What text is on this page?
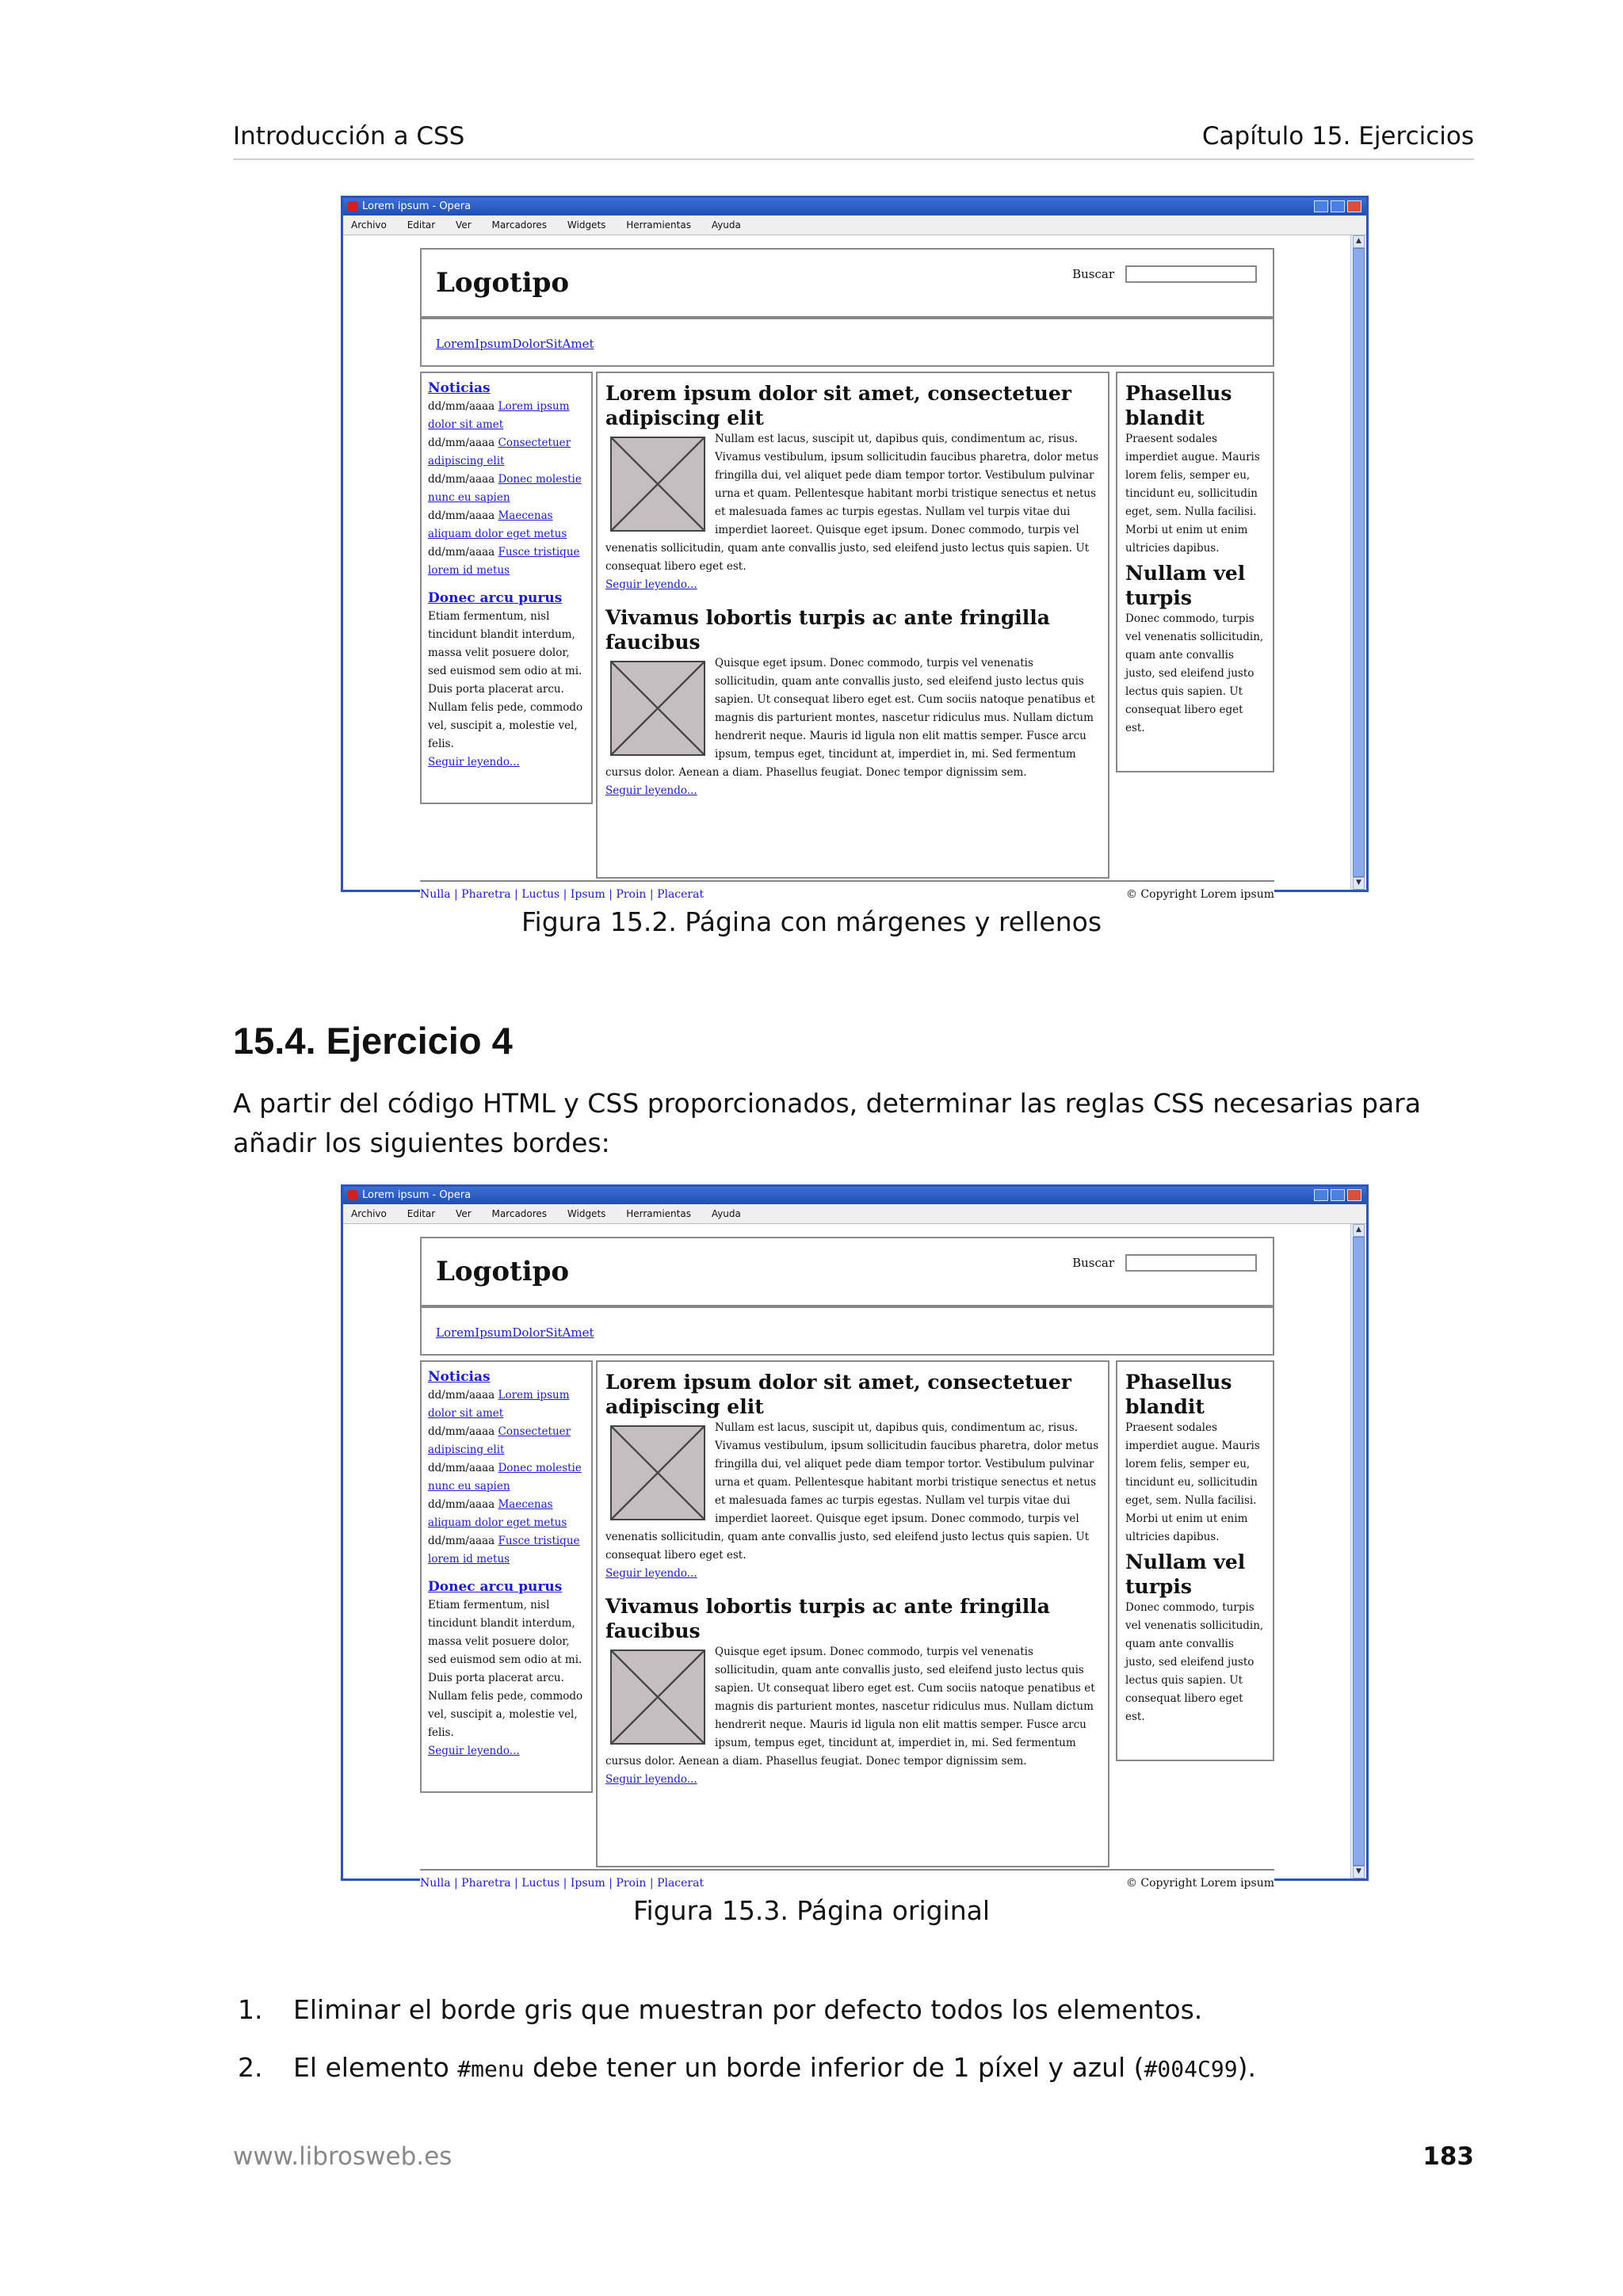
Introducción a CSS	Capítulo 15. Ejercicios
Lorem ipsum - Opera
Archivo Editar Ver Marcadores Widgets Herramientas Ayuda
Logotipo	Buscar
LoremIpsumDolorSitAmet
Noticias
dd/mm/aaaa Lorem ipsum dolor sit amet
dd/mm/aaaa Consectetuer adipiscing elit
dd/mm/aaaa Donec molestie nunc eu sapien
dd/mm/aaaa Maecenas aliquam dolor eget metus
dd/mm/aaaa Fusce tristique lorem id metus
Donec arcu purus
Etiam fermentum, nisl tincidunt blandit interdum, massa velit posuere dolor, sed euismod sem odio at mi. Duis porta placerat arcu. Nullam felis pede, commodo vel, suscipit a, molestie vel, felis.
Seguir leyendo...
Lorem ipsum dolor sit amet, consectetuer adipiscing elit
Nullam est lacus, suscipit ut, dapibus quis, condimentum ac, risus. Vivamus vestibulum, ipsum sollicitudin faucibus pharetra, dolor metus fringilla dui, vel aliquet pede diam tempor tortor. Vestibulum pulvinar urna et quam. Pellentesque habitant morbi tristique senectus et netus et malesuada fames ac turpis egestas. Nullam vel turpis vitae dui imperdiet laoreet. Quisque eget ipsum. Donec commodo, turpis vel venenatis sollicitudin, quam ante convallis justo, sed eleifend justo lectus quis sapien. Ut consequat libero eget est.
Seguir leyendo...
Vivamus lobortis turpis ac ante fringilla faucibus
Quisque eget ipsum. Donec commodo, turpis vel venenatis sollicitudin, quam ante convallis justo, sed eleifend justo lectus quis sapien. Ut consequat libero eget est. Cum sociis natoque penatibus et magnis dis parturient montes, nascetur ridiculus mus. Nullam dictum hendrerit neque. Mauris id ligula non elit mattis semper. Fusce arcu ipsum, tempus eget, tincidunt at, imperdiet in, mi. Sed fermentum cursus dolor. Aenean a diam. Phasellus feugiat. Donec tempor dignissim sem.
Seguir leyendo...
Phasellus blandit
Praesent sodales imperdiet augue. Mauris lorem felis, semper eu, tincidunt eu, sollicitudin eget, sem. Nulla facilisi. Morbi ut enim ut enim ultricies dapibus.
Nullam vel turpis
Donec commodo, turpis vel venenatis sollicitudin, quam ante convallis justo, sed eleifend justo lectus quis sapien. Ut consequat libero eget est.
Nulla | Pharetra | Luctus | Ipsum | Proin | Placerat	© Copyright Lorem ipsum
▲
▼
Figura 15.2. Página con márgenes y rellenos
15.4. Ejercicio 4
A partir del código HTML y CSS proporcionados, determinar las reglas CSS necesarias para añadir los siguientes bordes:
Lorem ipsum - Opera
Archivo Editar Ver Marcadores Widgets Herramientas Ayuda
Logotipo	Buscar
LoremIpsumDolorSitAmet
Noticias
dd/mm/aaaa Lorem ipsum dolor sit amet
dd/mm/aaaa Consectetuer adipiscing elit
dd/mm/aaaa Donec molestie nunc eu sapien
dd/mm/aaaa Maecenas aliquam dolor eget metus
dd/mm/aaaa Fusce tristique lorem id metus
Donec arcu purus
Etiam fermentum, nisl tincidunt blandit interdum, massa velit posuere dolor, sed euismod sem odio at mi. Duis porta placerat arcu. Nullam felis pede, commodo vel, suscipit a, molestie vel, felis.
Seguir leyendo...
Lorem ipsum dolor sit amet, consectetuer adipiscing elit
Nullam est lacus, suscipit ut, dapibus quis, condimentum ac, risus. Vivamus vestibulum, ipsum sollicitudin faucibus pharetra, dolor metus fringilla dui, vel aliquet pede diam tempor tortor. Vestibulum pulvinar urna et quam. Pellentesque habitant morbi tristique senectus et netus et malesuada fames ac turpis egestas. Nullam vel turpis vitae dui imperdiet laoreet. Quisque eget ipsum. Donec commodo, turpis vel venenatis sollicitudin, quam ante convallis justo, sed eleifend justo lectus quis sapien. Ut consequat libero eget est.
Seguir leyendo...
Vivamus lobortis turpis ac ante fringilla faucibus
Quisque eget ipsum. Donec commodo, turpis vel venenatis sollicitudin, quam ante convallis justo, sed eleifend justo lectus quis sapien. Ut consequat libero eget est. Cum sociis natoque penatibus et magnis dis parturient montes, nascetur ridiculus mus. Nullam dictum hendrerit neque. Mauris id ligula non elit mattis semper. Fusce arcu ipsum, tempus eget, tincidunt at, imperdiet in, mi. Sed fermentum cursus dolor. Aenean a diam. Phasellus feugiat. Donec tempor dignissim sem.
Seguir leyendo...
Phasellus blandit
Praesent sodales imperdiet augue. Mauris lorem felis, semper eu, tincidunt eu, sollicitudin eget, sem. Nulla facilisi. Morbi ut enim ut enim ultricies dapibus.
Nullam vel turpis
Donec commodo, turpis vel venenatis sollicitudin, quam ante convallis justo, sed eleifend justo lectus quis sapien. Ut consequat libero eget est.
Nulla | Pharetra | Luctus | Ipsum | Proin | Placerat	© Copyright Lorem ipsum
▲
▼
Figura 15.3. Página original
1. Eliminar el borde gris que muestran por defecto todos los elementos.
2. El elemento #menu debe tener un borde inferior de 1 píxel y azul (#004C99).
www.librosweb.es	183
